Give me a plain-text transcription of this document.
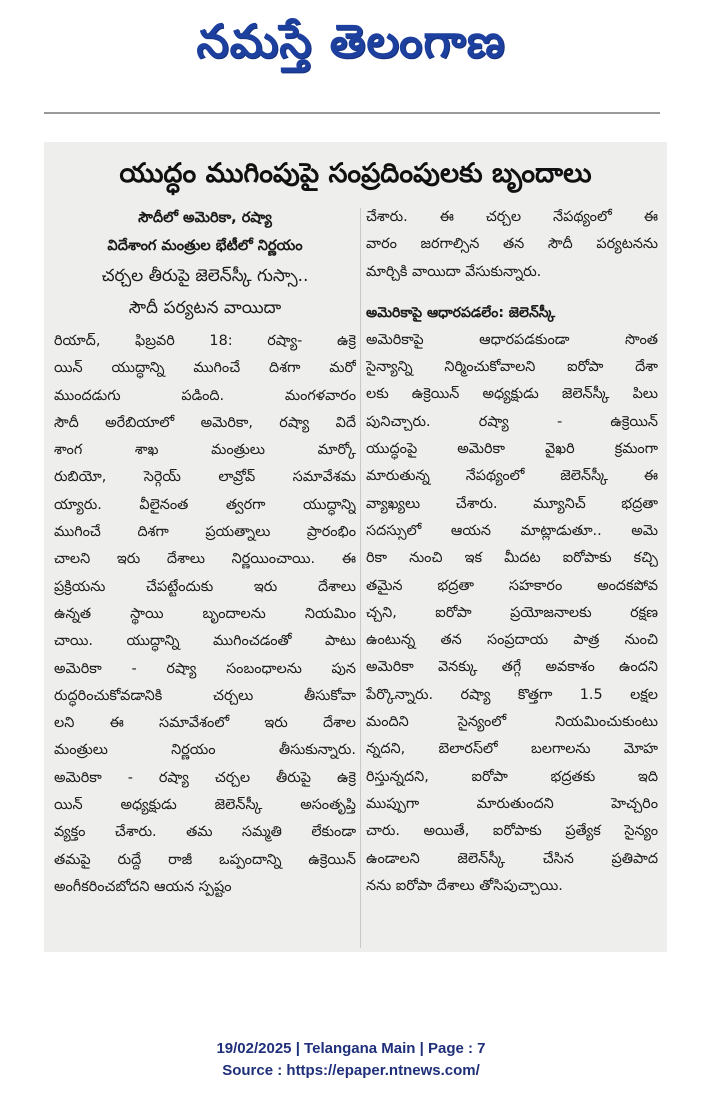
నమస్తే తెలంగాణ
యుద్ధం ముగింపుపై సంప్రదింపులకు బృందాలు
సౌదీలో అమెరికా, రష్యా
విదేశాంగ మంత్రుల భేటీలో నిర్ణయం
చర్చల తీరుపై జెలెన్‌స్కీ గుస్సా..
సౌదీ పర్యటన వాయిదా

రియాద్, ఫిబ్రవరి 18: రష్యా- ఉక్రె

యిన్ యుద్ధాన్ని ముగించే దిశగా మరో

ముందడుగు పడింది. మంగళవారం

సౌదీ అరేబియాలో అమెరికా, రష్యా విదే

శాంగ శాఖ మంత్రులు మార్కో

రుబియో, సెర్గెయ్ లావ్రోవ్ సమావేశమ

య్యారు. వీలైనంత త్వరగా యుద్ధాన్ని

ముగించే దిశగా ప్రయత్నాలు ప్రారంభిం

చాలని ఇరు దేశాలు నిర్ణయించాయి. ఈ

ప్రక్రియను చేపట్టేందుకు ఇరు దేశాలు

ఉన్నత స్థాయి బృందాలను నియమిం

చాయి. యుద్ధాన్ని ముగించడంతో పాటు

అమెరికా - రష్యా సంబంధాలను పున

రుద్ధరించుకోవడానికి చర్చలు తీసుకోవా

లని ఈ సమావేశంలో ఇరు దేశాల

మంత్రులు నిర్ణయం తీసుకున్నారు.

అమెరికా - రష్యా చర్చల తీరుపై ఉక్రె

యిన్ అధ్యక్షుడు జెలెన్‌స్కీ అసంతృప్తి

వ్యక్తం చేశారు. తమ సమ్మతి లేకుండా

తమపై రుద్దే రాజీ ఒప్పందాన్ని ఉక్రెయిన్

అంగీకరించబోదని ఆయన స్పష్టం

చేశారు. ఈ చర్చల నేపథ్యంలో ఈ

వారం జరగాల్సిన తన సౌదీ పర్యటనను

మార్చికి వాయిదా వేసుకున్నారు.

అమెరికాపై ఆధారపడలేం: జెలెన్‌స్కీ

అమెరికాపై ఆధారపడకుండా సొంత

సైన్యాన్ని నిర్మించుకోవాలని ఐరోపా దేశా

లకు ఉక్రెయిన్ అధ్యక్షుడు జెలెన్‌స్కీ పిలు

పునిచ్చారు. రష్యా - ఉక్రెయిన్

యుద్ధంపై అమెరికా వైఖరి క్రమంగా

మారుతున్న నేపథ్యంలో జెలెన్‌స్కీ ఈ

వ్యాఖ్యలు చేశారు. మ్యూనిచ్ భద్రతా

సదస్సులో ఆయన మాట్లాడుతూ.. అమె

రికా నుంచి ఇక మీదట ఐరోపాకు కచ్చి

తమైన భద్రతా సహకారం అందకపోవ

చ్చని, ఐరోపా ప్రయోజనాలకు రక్షణ

ఉంటున్న తన సంప్రదాయ పాత్ర నుంచి

అమెరికా వెనక్కు తగ్గే అవకాశం ఉందని

పేర్కొన్నారు. రష్యా కొత్తగా 1.5 లక్షల

మందిని సైన్యంలో నియమించుకుంటు

న్నదని, బెలారస్‌లో బలగాలను మోహ

రిస్తున్నదని, ఐరోపా భద్రతకు ఇది

ముప్పుగా మారుతుందని హెచ్చరిం

చారు. అయితే, ఐరోపాకు ప్రత్యేక సైన్యం

ఉండాలని జెలెన్‌స్కీ చేసిన ప్రతిపాద

నను ఐరోపా దేశాలు తోసిపుచ్చాయి.

19/02/2025 | Telangana Main | Page : 7
Source : https://epaper.ntnews.com/
